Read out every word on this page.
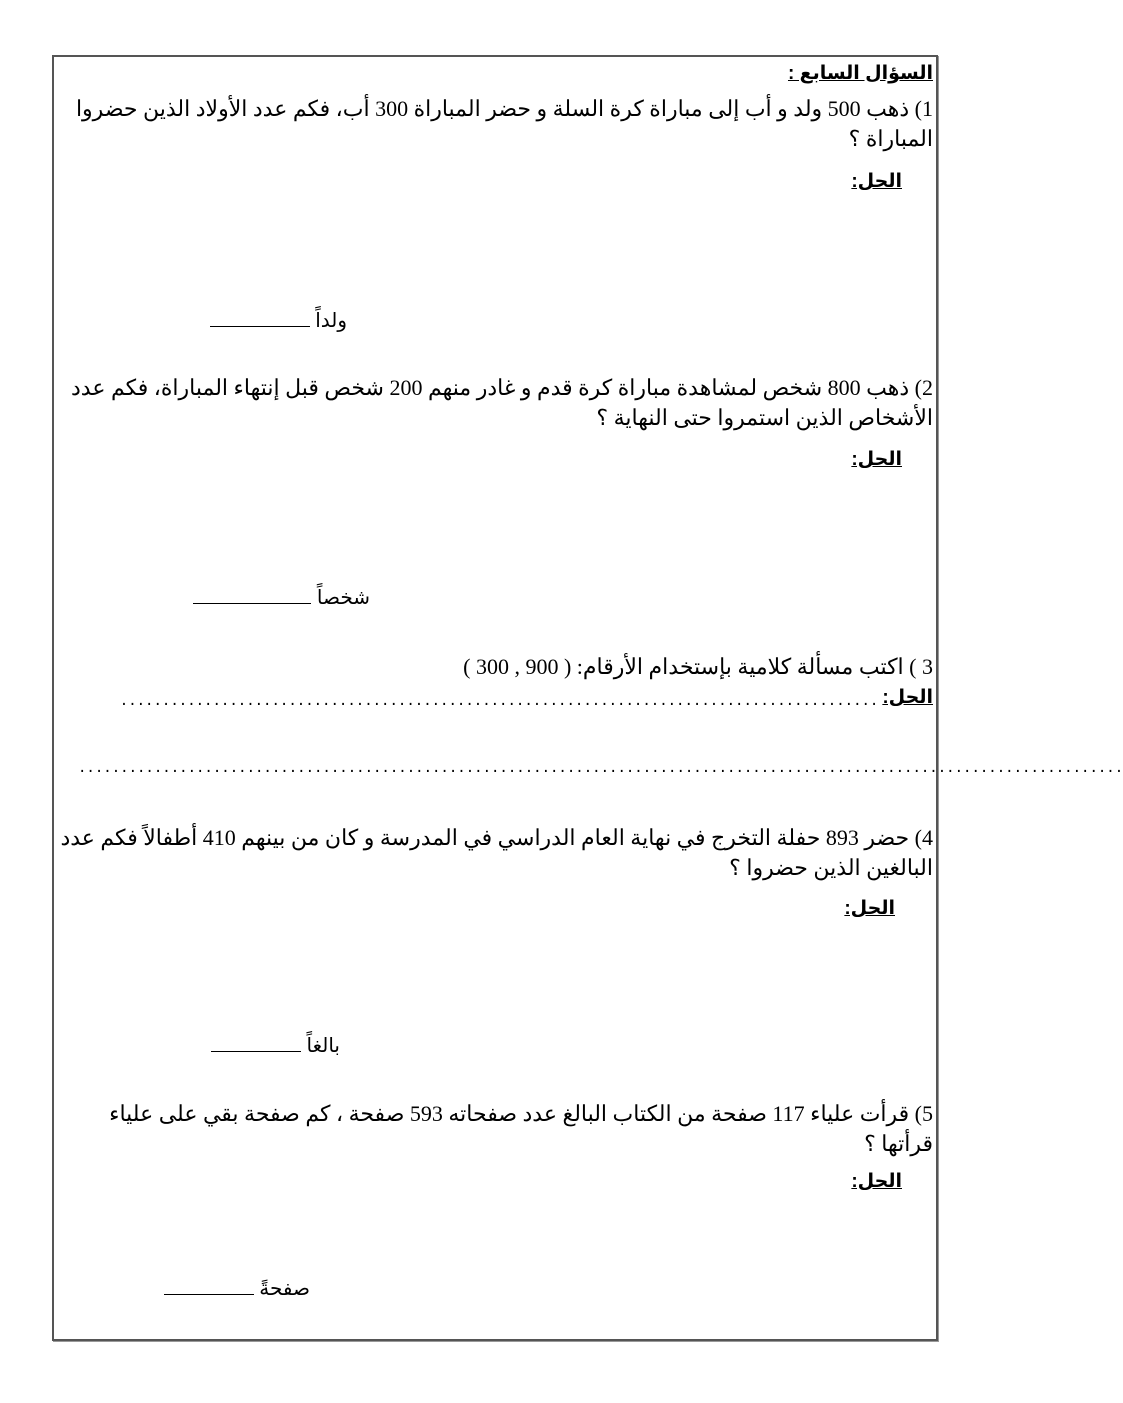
السؤال السابع :
1) ذهب 500 ولد و أب إلى مباراة كرة السلة و حضر المباراة 300 أب، فكم عدد الأولاد الذين حضروا المباراة ؟
الحل:
ولداً
2) ذهب 800 شخص لمشاهدة مباراة كرة قدم و غادر منهم 200 شخص قبل إنتهاء المباراة، فكم عدد الأشخاص الذين استمروا حتى النهاية ؟
الحل:
شخصاً
3 ) اكتب مسألة كلامية بإستخدام الأرقام: ( 900 , 300 )
الحل: ..........................................................................................
............................................................................................................................
4) حضر 893 حفلة التخرج في نهاية العام الدراسي في المدرسة و كان من بينهم 410 أطفالاً فكم عدد البالغين الذين حضروا ؟
الحل:
بالغاً
5) قرأت علياء 117 صفحة من الكتاب البالغ عدد صفحاته 593 صفحة ، كم صفحة بقي على علياء قرأتها ؟
الحل:
صفحةً
